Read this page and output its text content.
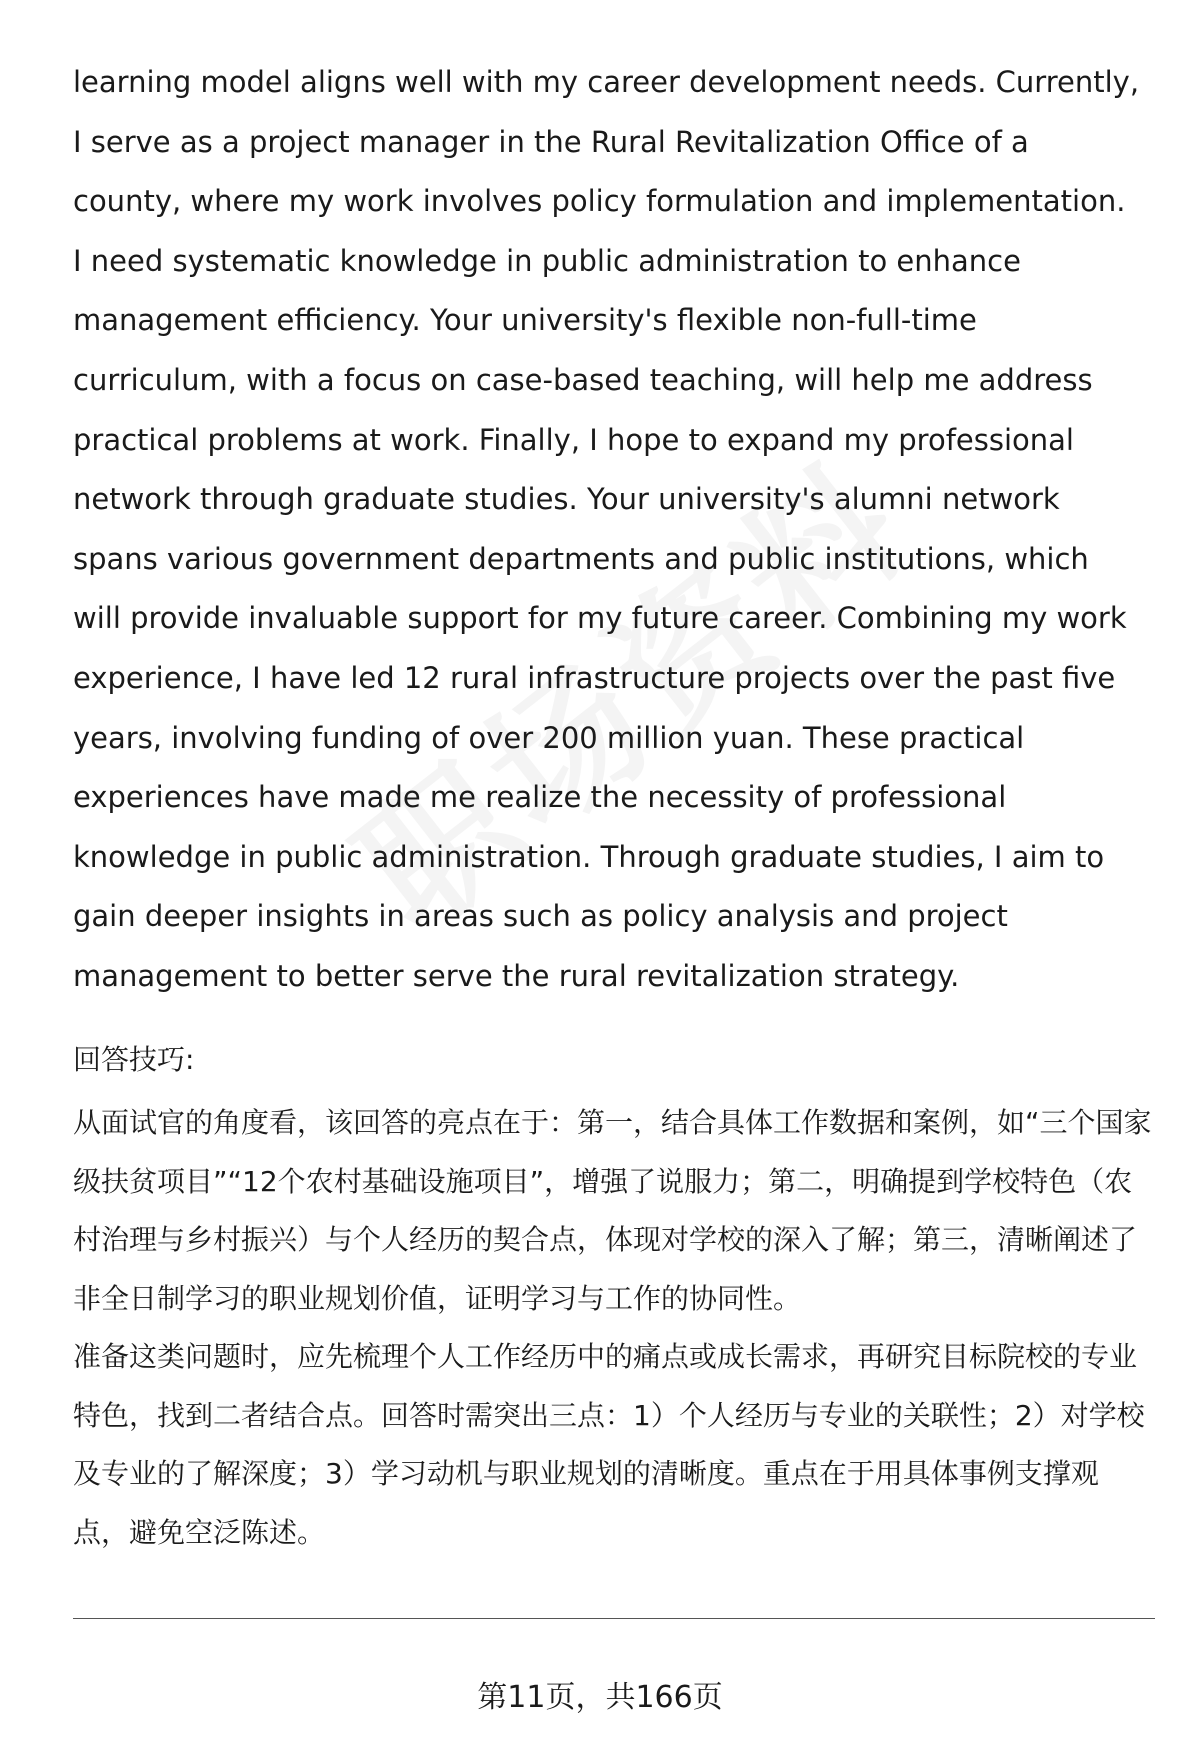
learning model aligns well with my career development needs. Currently, I serve as a project manager in the Rural Revitalization Office of a county, where my work involves policy formulation and implementation. I need systematic knowledge in public administration to enhance management efficiency. Your university's flexible non-full-time curriculum, with a focus on case-based teaching, will help me address practical problems at work. Finally, I hope to expand my professional network through graduate studies. Your university's alumni network spans various government departments and public institutions, which will provide invaluable support for my future career. Combining my work experience, I have led 12 rural infrastructure projects over the past five years, involving funding of over 200 million yuan. These practical experiences have made me realize the necessity of professional knowledge in public administration. Through graduate studies, I aim to gain deeper insights in areas such as policy analysis and project management to better serve the rural revitalization strategy.

回答技巧:

从面试官的角度看，该回答的亮点在于：第一，结合具体工作数据和案例，如“三个国家级扶贫项目”“12个农村基础设施项目”，增强了说服力；第二，明确提到学校特色（农村治理与乡村振兴）与个人经历的契合点，体现对学校的深入了解；第三，清晰阐述了非全日制学习的职业规划价值，证明学习与工作的协同性。

准备这类问题时，应先梳理个人工作经历中的痛点或成长需求，再研究目标院校的专业特色，找到二者结合点。回答时需突出三点：1）个人经历与专业的关联性；2）对学校及专业的了解深度；3）学习动机与职业规划的清晰度。重点在于用具体事例支撑观点，避免空泛陈述。

第11页，共166页
